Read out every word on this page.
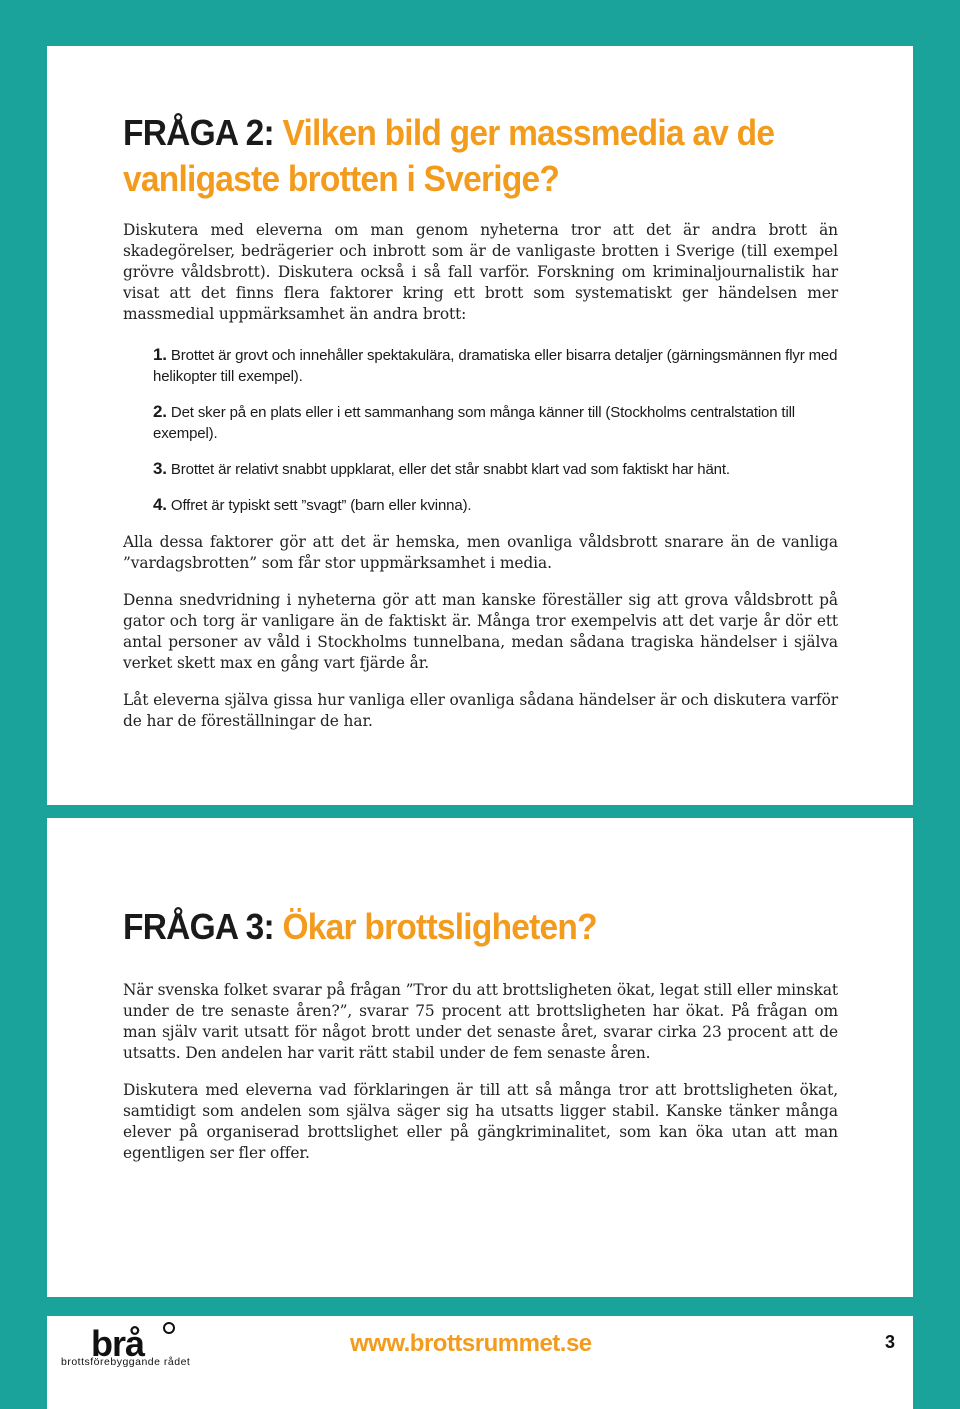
FRÅGA 2: Vilken bild ger massmedia av de vanligaste brotten i Sverige?

Diskutera med eleverna om man genom nyheterna tror att det är andra brott än skadegörelser, bedrägerier och inbrott som är de vanligaste brotten i Sverige (till exempel grövre våldsbrott). Diskutera också i så fall varför. Forskning om kriminaljournalistik har visat att det finns flera faktorer kring ett brott som systematiskt ger händelsen mer massmedial uppmärksamhet än andra brott:

1. Brottet är grovt och innehåller spektakulära, dramatiska eller bisarra detaljer (gärningsmännen flyr med helikopter till exempel).
2. Det sker på en plats eller i ett sammanhang som många känner till (Stockholms centralstation till exempel).
3. Brottet är relativt snabbt uppklarat, eller det står snabbt klart vad som faktiskt har hänt.
4. Offret är typiskt sett ”svagt” (barn eller kvinna).

Alla dessa faktorer gör att det är hemska, men ovanliga våldsbrott snarare än de vanliga ”vardagsbrotten” som får stor uppmärksamhet i media.

Denna snedvridning i nyheterna gör att man kanske föreställer sig att grova våldsbrott på gator och torg är vanligare än de faktiskt är. Många tror exempelvis att det varje år dör ett antal personer av våld i Stockholms tunnelbana, medan sådana tragiska händelser i själva verket skett max en gång vart fjärde år.

Låt eleverna själva gissa hur vanliga eller ovanliga sådana händelser är och diskutera varför de har de föreställningar de har.

FRÅGA 3: Ökar brottsligheten?

När svenska folket svarar på frågan ”Tror du att brottsligheten ökat, legat still eller minskat under de tre senaste åren?”, svarar 75 procent att brottsligheten har ökat. På frågan om man själv varit utsatt för något brott under det senaste året, svarar cirka 23 procent att de utsatts. Den andelen har varit rätt stabil under de fem senaste åren.

Diskutera med eleverna vad förklaringen är till att så många tror att brottsligheten ökat, samtidigt som andelen som själva säger sig ha utsatts ligger stabil. Kanske tänker många elever på organiserad brottslighet eller på gängkriminalitet, som kan öka utan att man egentligen ser fler offer.

brå
brottsförebyggande rådet
www.brottsrummet.se	3
